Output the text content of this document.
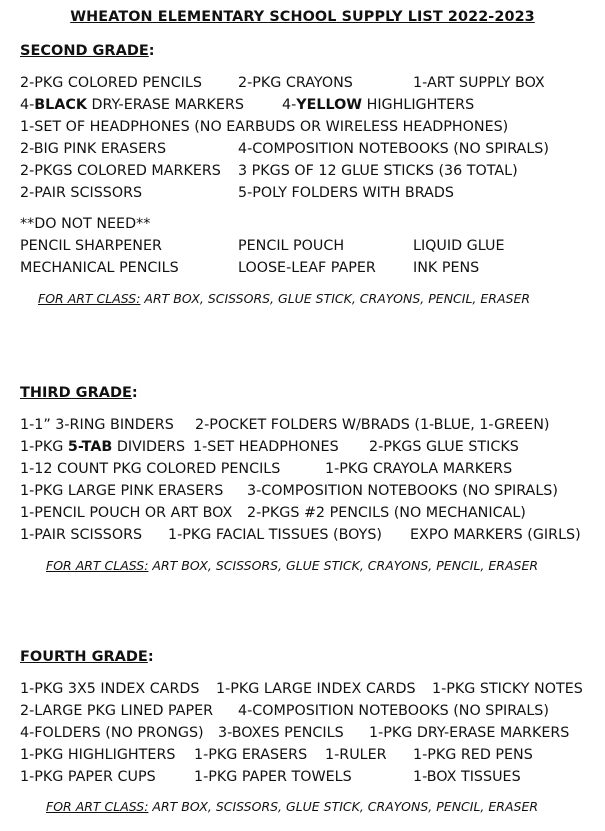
WHEATON ELEMENTARY SCHOOL SUPPLY LIST 2022-2023
SECOND GRADE:
2-PKG COLORED PENCILS	2-PKG CRAYONS	1-ART SUPPLY BOX
4-BLACK DRY-ERASE MARKERS	4-YELLOW HIGHLIGHTERS
1-SET OF HEADPHONES (NO EARBUDS OR WIRELESS HEADPHONES)
2-BIG PINK ERASERS	4-COMPOSITION NOTEBOOKS (NO SPIRALS)
2-PKGS COLORED MARKERS 3 PKGS OF 12 GLUE STICKS (36 TOTAL)
2-PAIR SCISSORS	5-POLY FOLDERS WITH BRADS
**DO NOT NEED**
PENCIL SHARPENER	PENCIL POUCH	LIQUID GLUE
MECHANICAL PENCILS	LOOSE-LEAF PAPER	INK PENS
FOR ART CLASS: ART BOX, SCISSORS, GLUE STICK, CRAYONS, PENCIL, ERASER
THIRD GRADE:
1-1” 3-RING BINDERS 2-POCKET FOLDERS W/BRADS (1-BLUE, 1-GREEN)
1-PKG 5-TAB DIVIDERS 1-SET HEADPHONES 2-PKGS GLUE STICKS
1-12 COUNT PKG COLORED PENCILS	1-PKG CRAYOLA MARKERS
1-PKG LARGE PINK ERASERS 3-COMPOSITION NOTEBOOKS (NO SPIRALS)
1-PENCIL POUCH OR ART BOX 2-PKGS #2 PENCILS (NO MECHANICAL)
1-PAIR SCISSORS 1-PKG FACIAL TISSUES (BOYS) EXPO MARKERS (GIRLS)
FOR ART CLASS: ART BOX, SCISSORS, GLUE STICK, CRAYONS, PENCIL, ERASER
FOURTH GRADE:
1-PKG 3X5 INDEX CARDS 1-PKG LARGE INDEX CARDS 1-PKG STICKY NOTES
2-LARGE PKG LINED PAPER 4-COMPOSITION NOTEBOOKS (NO SPIRALS)
4-FOLDERS (NO PRONGS) 3-BOXES PENCILS 1-PKG DRY-ERASE MARKERS
1-PKG HIGHLIGHTERS 1-PKG ERASERS 1-RULER 1-PKG RED PENS
1-PKG PAPER CUPS	1-PKG PAPER TOWELS	1-BOX TISSUES
FOR ART CLASS: ART BOX, SCISSORS, GLUE STICK, CRAYONS, PENCIL, ERASER
